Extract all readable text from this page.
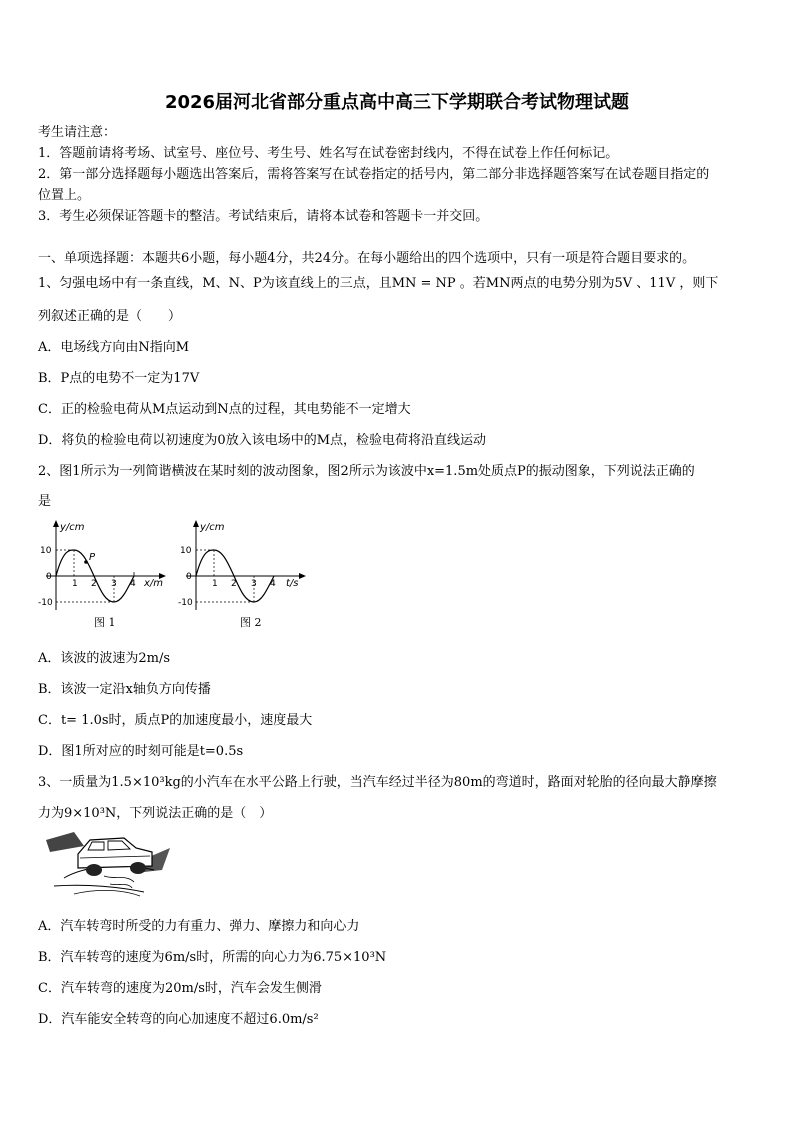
2026届河北省部分重点高中高三下学期联合考试物理试题
考生请注意：
1．答题前请将考场、试室号、座位号、考生号、姓名写在试卷密封线内，不得在试卷上作任何标记。
2．第一部分选择题每小题选出答案后，需将答案写在试卷指定的括号内，第二部分非选择题答案写在试卷题目指定的
位置上。
3．考生必须保证答题卡的整洁。考试结束后，请将本试卷和答题卡一并交回。
一、单项选择题：本题共6小题，每小题4分，共24分。在每小题给出的四个选项中，只有一项是符合题目要求的。
1、匀强电场中有一条直线，M、N、P为该直线上的三点，且MN = NP 。若MN两点的电势分别为5V 、11V ，则下
列叙述正确的是（　　）
A．电场线方向由N指向M
B．P点的电势不一定为17V
C．正的检验电荷从M点运动到N点的过程，其电势能不一定增大
D．将负的检验电荷以初速度为0放入该电场中的M点，检验电荷将沿直线运动
2、图1所示为一列简谐横波在某时刻的波动图象，图2所示为该波中x=1.5m处质点P的振动图象，下列说法正确的
是
P
y/cm
x/m
10
0
-10
1 2 3 4
图 1
y/cm
t/s
10
0
-10
1 2 3 4
图 2
A．该波的波速为2m/s
B．该波一定沿x轴负方向传播
C．t= 1.0s时，质点P的加速度最小，速度最大
D．图1所对应的时刻可能是t=0.5s
3、一质量为1.5×10³kg的小汽车在水平公路上行驶，当汽车经过半径为80m的弯道时，路面对轮胎的径向最大静摩擦
力为9×10³N，下列说法正确的是（　）
A．汽车转弯时所受的力有重力、弹力、摩擦力和向心力
B．汽车转弯的速度为6m/s时，所需的向心力为6.75×10³N
C．汽车转弯的速度为20m/s时，汽车会发生侧滑
D．汽车能安全转弯的向心加速度不超过6.0m/s²
